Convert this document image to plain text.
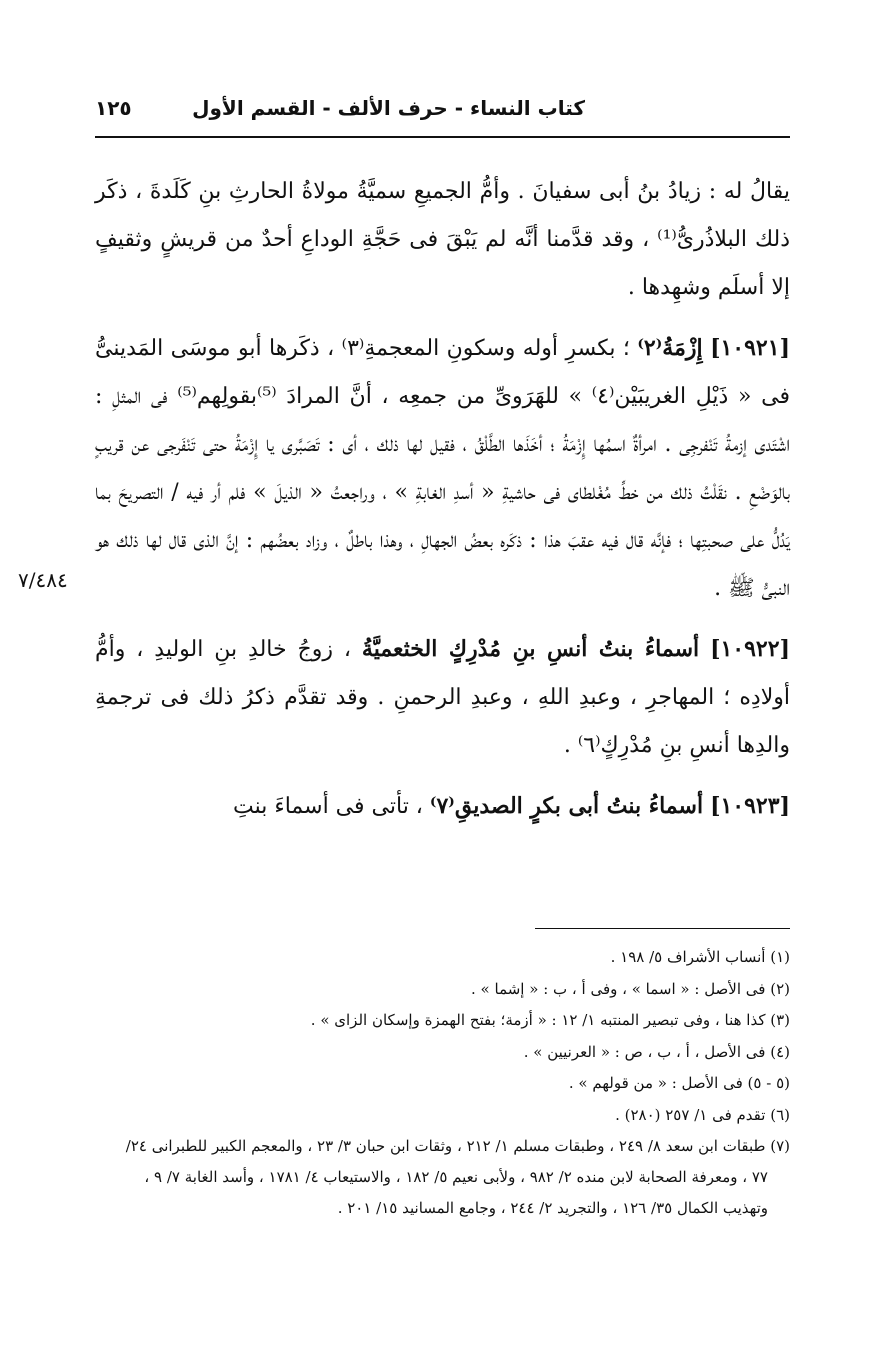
كتاب النساء - حرف الألف - القسم الأول
١٢٥

يقالُ له : زيادُ بنُ أبى سفيانَ . وأمُّ الجميعِ سميَّةُ مولاةُ الحارثِ بنِ كَلَدةَ ، ذكَر ذلك البلاذُرىُّ⁽¹⁾ ، وقد قدَّمنا أنَّه لم يَبْقَ فى حَجَّةِ الوداعِ أحدٌ من قريشٍ وثقيفٍ إلا أسلَم وشهِدها .

[١٠٩٢١] إِزْمَةُ⁽٢⁾ ؛ بكسرِ أوله وسكونِ المعجمةِ⁽٣⁾ ، ذكَرها أبو موسَى المَدينىُّ فى « ذَيْلِ الغريبَيْن⁽٤⁾ » للهَرَوىِّ من جمعِه ، أنَّ المرادَ ⁽⁵⁾بقولِهم⁽⁵⁾ فى المثلِ : اشْتَدى إزمةُ تَنْفرجِى . امرأةٌ اسمُها إِزْمَةُ ؛ أخَذَها الطَّلْقُ ، فقيل لها ذلك ، أى : تَصَبَّرى يا إِزْمَةُ حتى تَنْفَرجى عن قريبٍ بالوَضْعِ . نقَلْتُ ذلك من خطِّ مُغْلطاى فى حاشيةِ « أسدِ الغابةِ » ، وراجعتُ « الذيلَ » فلم أر فيه / التصريحَ بما يَدُلُّ على صحبتِها ؛ فإنَّه قال فيه عقبَ هذا : ذكَره بعضُ الجهالِ ، وهذا باطلٌ ، وزاد بعضُهم : إنَّ الذى قال لها ذلك هو النبىُّ ﷺ .

[١٠٩٢٢] أسماءُ بنتُ أنسِ بنِ مُدْرِكٍ الخثعميَّةُ ، زوجُ خالدِ بنِ الوليدِ ، وأمُّ أولادِه ؛ المهاجرِ ، وعبدِ اللهِ ، وعبدِ الرحمنِ . وقد تقدَّم ذكرُ ذلك فى ترجمةِ والدِها أنسِ بنِ مُدْرِكٍ⁽٦⁾ .

[١٠٩٢٣] أسماءُ بنتُ أبى بكرٍ الصديقِ⁽٧⁾ ، تأتى فى أسماءَ بنتِ

٧/٤٨٤

(١) أنساب الأشراف ٥/ ١٩٨ .

(٢) فى الأصل : « اسما » ، وفى أ ، ب : « إشما » .

(٣) كذا هنا ، وفى تبصير المنتبه ١/ ١٢ : « أزمة؛ بفتح الهمزة وإسكان الزاى » .

(٤) فى الأصل ، أ ، ب ، ص : « العرنيين » .

(٥ - ٥) فى الأصل : « من قولهم » .

(٦) تقدم فى ١/ ٢٥٧ (٢٨٠) .

(٧) طبقات ابن سعد ٨/ ٢٤٩ ، وطبقات مسلم ١/ ٢١٢ ، وثقات ابن حبان ٣/ ٢٣ ، والمعجم الكبير للطبرانى ٢٤/ ٧٧ ، ومعرفة الصحابة لابن منده ٢/ ٩٨٢ ، ولأبى نعيم ٥/ ١٨٢ ، والاستيعاب ٤/ ١٧٨١ ، وأسد الغابة ٧/ ٩ ، وتهذيب الكمال ٣٥/ ١٢٦ ، والتجريد ٢/ ٢٤٤ ، وجامع المسانيد ١٥/ ٢٠١ .
